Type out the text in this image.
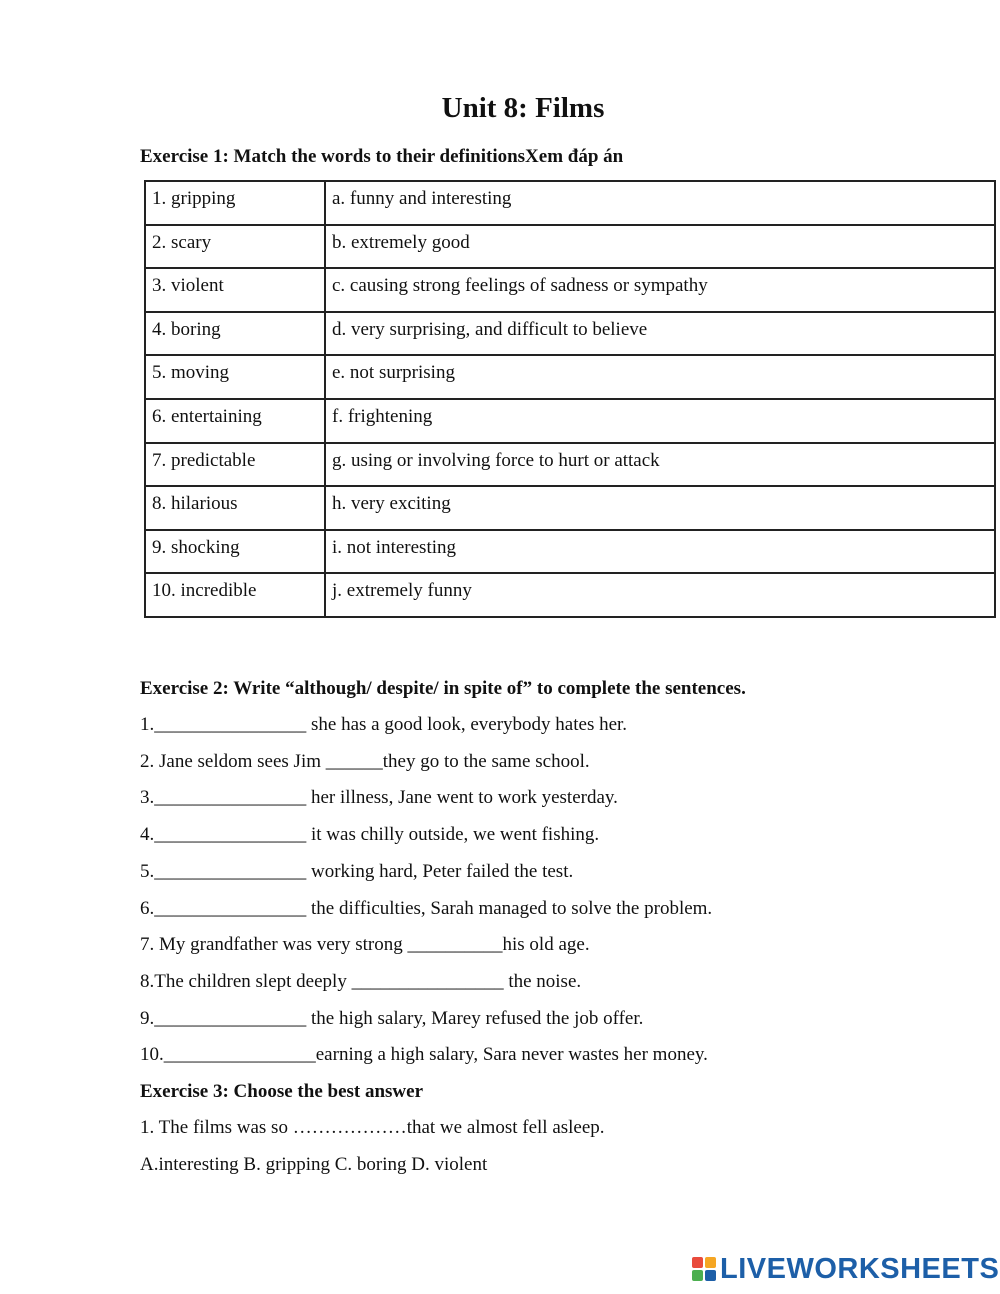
Unit 8: Films
Exercise 1: Match the words to their definitionsXem đáp án
1. gripping	a. funny and interesting
2. scary	b. extremely good
3. violent	c. causing strong feelings of sadness or sympathy
4. boring	d. very surprising, and difficult to believe
5. moving	e. not surprising
6. entertaining	f. frightening
7. predictable	g. using or involving force to hurt or attack
8. hilarious	h. very exciting
9. shocking	i. not interesting
10. incredible	j. extremely funny
Exercise 2: Write “although/ despite/ in spite of” to complete the sentences.
1.________________ she has a good look, everybody hates her.
2. Jane seldom sees Jim ______they go to the same school.
3.________________ her illness, Jane went to work yesterday.
4.________________ it was chilly outside, we went fishing.
5.________________ working hard, Peter failed the test.
6.________________ the difficulties, Sarah managed to solve the problem.
7. My grandfather was very strong __________his old age.
8.The children slept deeply ________________ the noise.
9.________________ the high salary, Marey refused the job offer.
10.________________earning a high salary, Sara never wastes her money.
Exercise 3: Choose the best answer
1. The films was so ………………that we almost fell asleep.
A.interesting B. gripping C. boring D. violent
LIVEWORKSHEETS
